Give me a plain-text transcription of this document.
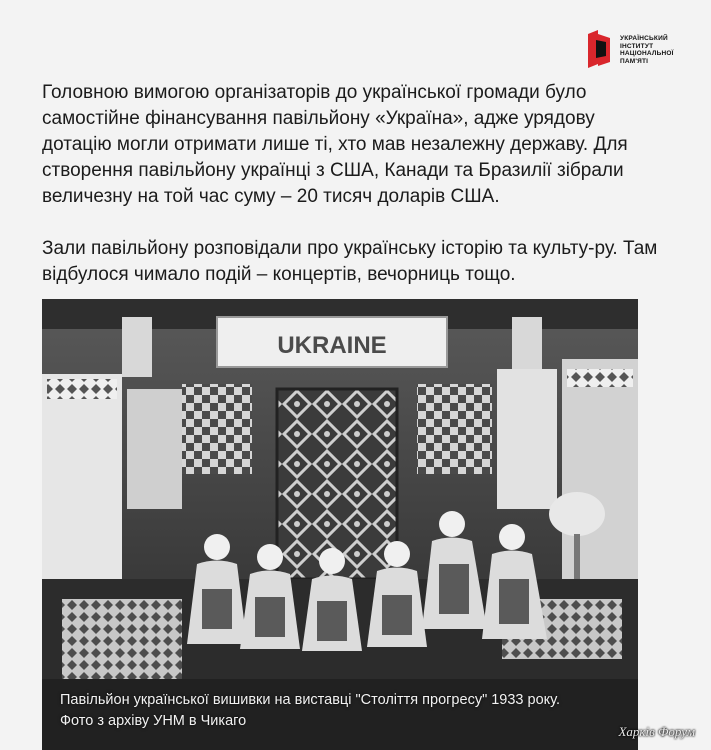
УКРАЇНСЬКИЙ
ІНСТИТУТ
НАЦІОНАЛЬНОЇ
ПАМ'ЯТІ
Головною вимогою організаторів до української громади було самостійне фінансування павільйону «Україна», адже урядову дотацію могли отримати лише ті, хто мав незалежну державу. Для створення павільйону українці з США, Канади та Бразилії зібрали величезну на той час суму – 20 тисяч доларів США.
Зали павільйону розповідали про українську історію та культу-ру. Там відбулося чимало подій – концертів, вечорниць тощо.
UKRAINE
Павільйон української вишивки на виставці "Століття прогресу" 1933 року.
Фото з архіву УНМ в Чикаго
Харків Форум
